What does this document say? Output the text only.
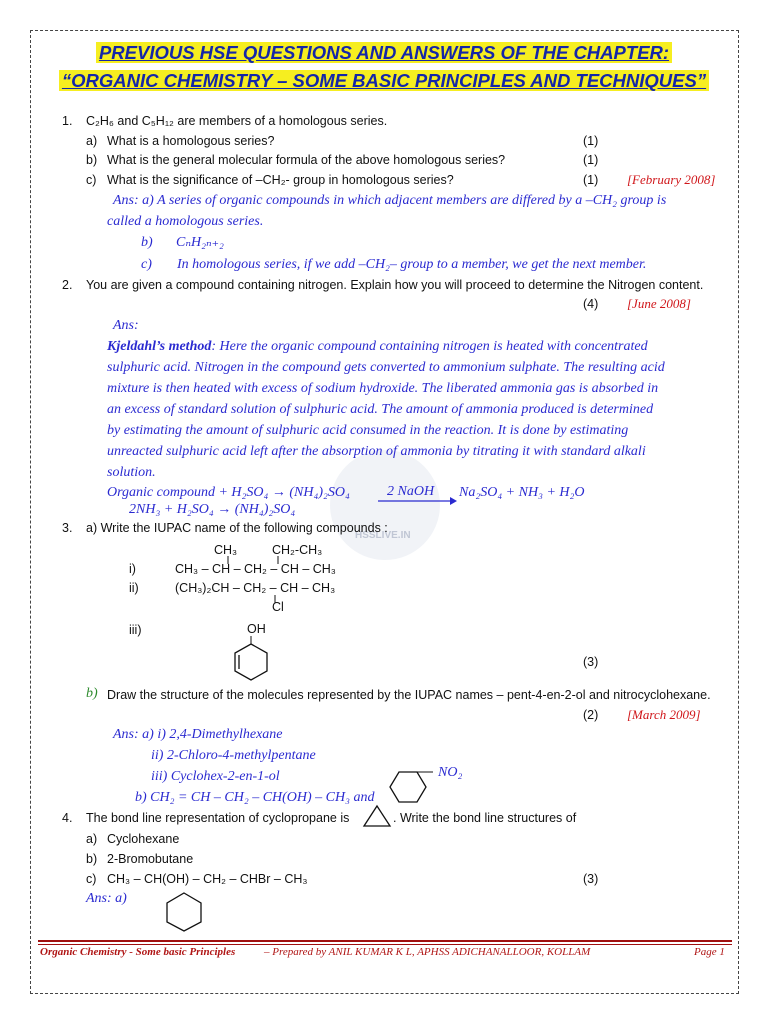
HSSLIVE.IN
PREVIOUS HSE QUESTIONS AND ANSWERS OF THE CHAPTER:
“ORGANIC CHEMISTRY – SOME BASIC PRINCIPLES AND TECHNIQUES”
1. C₂H₆ and C₅H₁₂ are members of a homologous series.
a) What is a homologous series?	(1)
b) What is the general molecular formula of the above homologous series?	(1)
c) What is the significance of –CH₂- group in homologous series?	(1) [February 2008]
Ans: a) A series of organic compounds in which adjacent members are differed by a –CH₂ group is
called a homologous series.
b) CₙH₂ₙ₊₂
c) In homologous series, if we add –CH₂– group to a member, we get the next member.
2. You are given a compound containing nitrogen. Explain how you will proceed to determine the Nitrogen content.
(4) [June 2008]
Ans:
Kjeldahl’s method: Here the organic compound containing nitrogen is heated with concentrated
sulphuric acid. Nitrogen in the compound gets converted to ammonium sulphate. The resulting acid
mixture is then heated with excess of sodium hydroxide. The liberated ammonia gas is absorbed in
an excess of standard solution of sulphuric acid. The amount of ammonia produced is determined
by estimating the amount of sulphuric acid consumed in the reaction. It is done by estimating
unreacted sulphuric acid left after the absorption of ammonia by titrating it with standard alkali
solution.
Organic compound + H₂SO₄ → (NH₄)₂SO₄	2 NaOH Na₂SO₄ + NH₃ + H₂O
2NH₃ + H₂SO₄ → (NH₄)₂SO₄
3. a) Write the IUPAC name of the following compounds :
CH₃	CH₂-CH₃
i)	CH₃ – CH – CH₂ – CH – CH₃
ii)	(CH₃)₂CH – CH₂ – CH – CH₃
Cl
iii)	OH
(3)
b) Draw the structure of the molecules represented by the IUPAC names – pent-4-en-2-ol and nitrocyclohexane.
(2) [March 2009]
Ans: a) i) 2,4-Dimethylhexane
ii) 2-Chloro-4-methylpentane
iii) Cyclohex-2-en-1-ol
b) CH₂ = CH – CH₂ – CH(OH) – CH₃ and
NO₂
4. The bond line representation of cyclopropane is	. Write the bond line structures of
a) Cyclohexane
b) 2-Bromobutane
c) CH₃ – CH(OH) – CH₂ – CHBr – CH₃	(3)
Ans: a)
Organic Chemistry - Some basic Principles	– Prepared by ANIL KUMAR K L, APHSS ADICHANALLOOR, KOLLAM	Page 1
